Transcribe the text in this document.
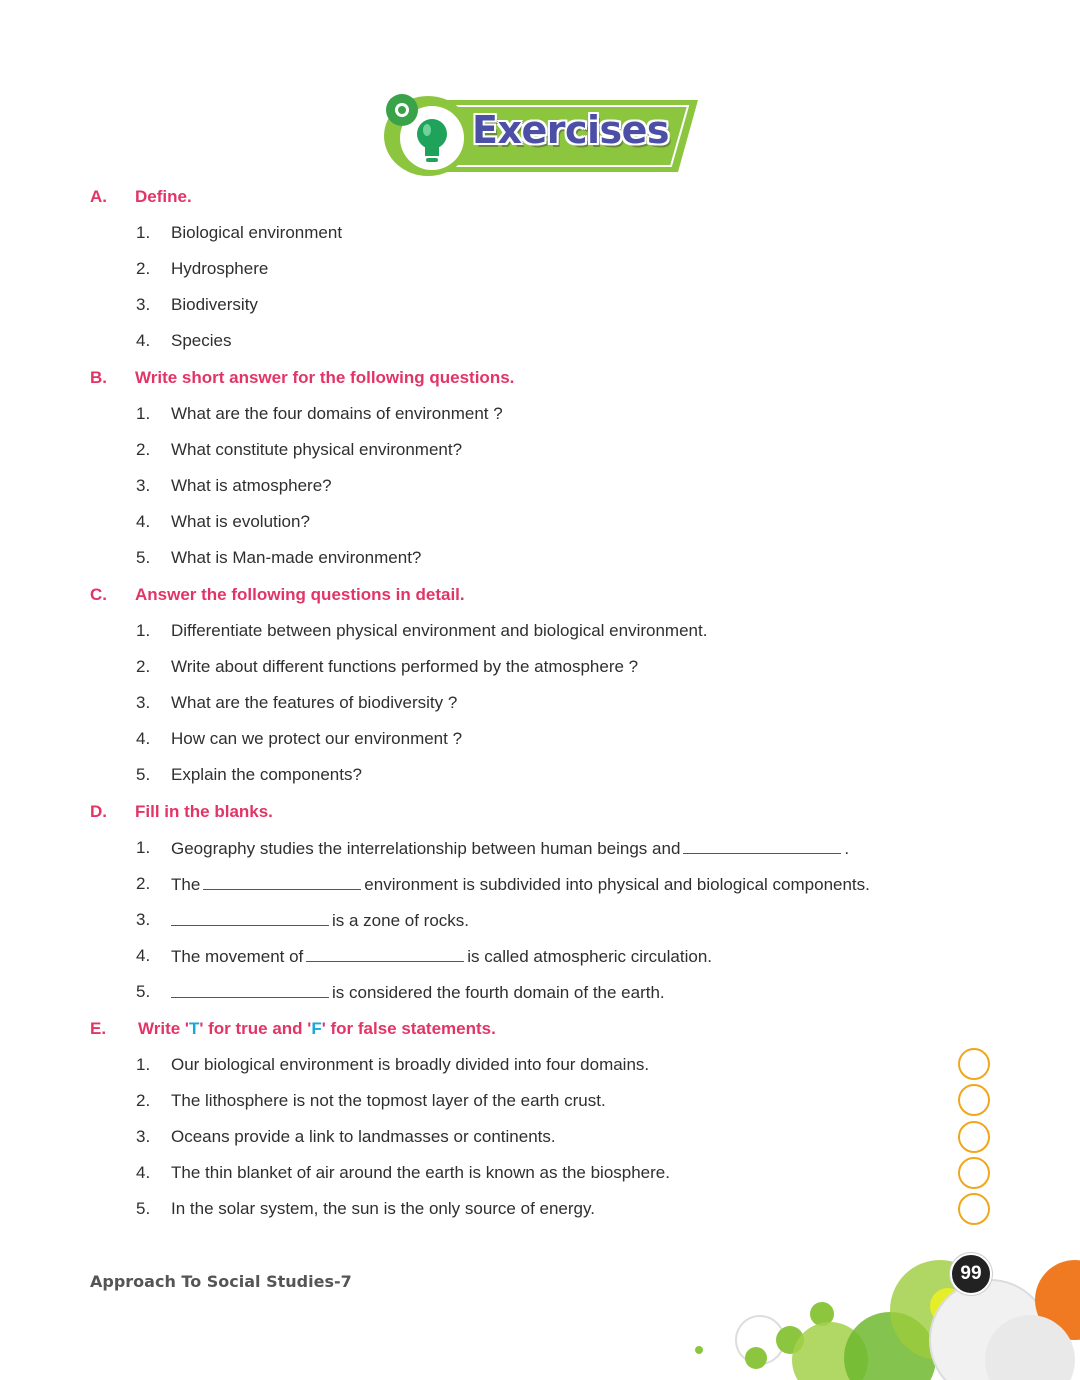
Exercises
A. Define.
1. Biological environment
2. Hydrosphere
3. Biodiversity
4. Species
B. Write short answer for the following questions.
1. What are the four domains of environment ?
2. What constitute physical environment?
3. What is atmosphere?
4. What is evolution?
5. What is Man-made environment?
C. Answer the following questions in detail.
1. Differentiate between physical environment and biological environment.
2. Write about different functions performed by the atmosphere ?
3. What are the features of biodiversity ?
4. How can we protect our environment ?
5. Explain the components?
D. Fill in the blanks.
1. Geography studies the interrelationship between human beings and	.
2. The	environment is subdivided into physical and biological components.
3.	is a zone of rocks.
4. The movement of	is called atmospheric circulation.
5.	is considered the fourth domain of the earth.
E. Write 'T' for true and 'F' for false statements.
1. Our biological environment is broadly divided into four domains.
2. The lithosphere is not the topmost layer of the earth crust.
3. Oceans provide a link to landmasses or continents.
4. The thin blanket of air around the earth is known as the biosphere.
5. In the solar system, the sun is the only source of energy.
Approach To Social Studies-7	99
